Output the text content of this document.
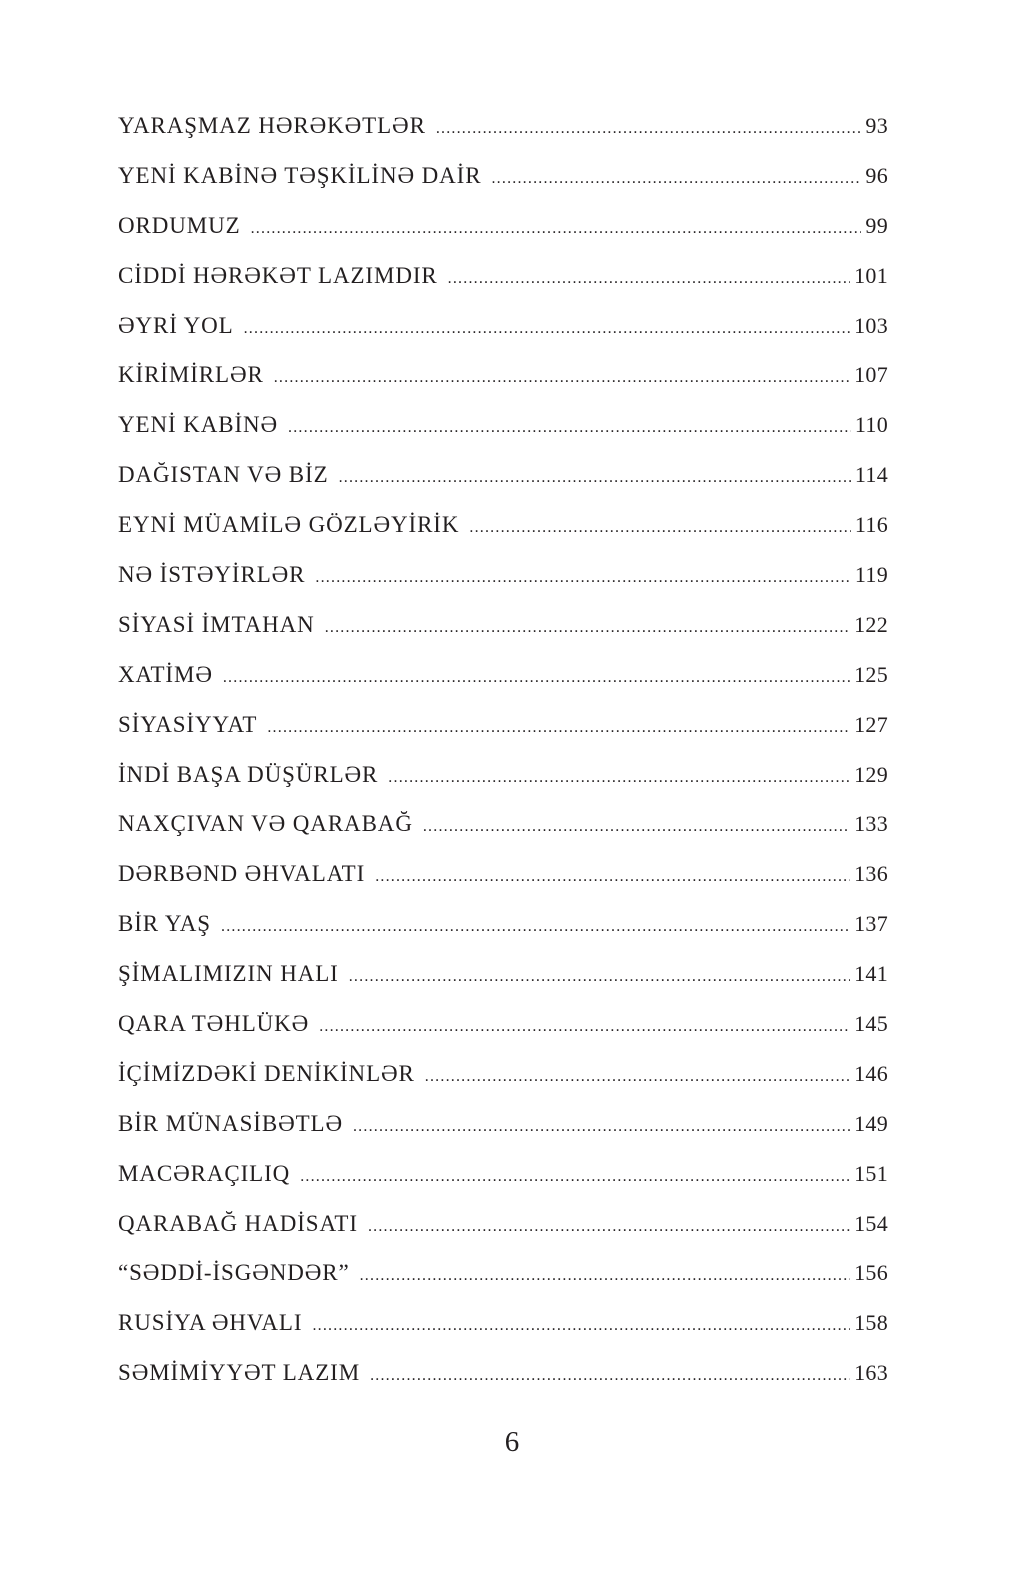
YARAŞMAZ HƏRƏKƏTLƏR .....	93
YENİ KABİNƏ TƏŞKİLİNƏ DAİR .....	96
ORDUMUZ .....	99
CİDDİ HƏRƏKƏT LAZIMDIR .....	101
ƏYRİ YOL .....	103
KİRİMİRLƏR .....	107
YENİ KABİNƏ .....	110
DAĞISTAN VƏ BİZ .....	114
EYNİ MÜAMİLƏ GÖZLƏYİRİK .....	116
NƏ İSTƏYİRLƏR .....	119
SİYASİ İMTAHAN .....	122
XATİMƏ .....	125
SİYASİYYAT .....	127
İNDİ BAŞA DÜŞÜRLƏR .....	129
NAXÇIVAN VƏ QARABAĞ .....	133
DƏRBƏND ƏHVALATI .....	136
BİR YAŞ .....	137
ŞİMALIMIZIN HALI .....	141
QARA TƏHLÜKƏ .....	145
İÇİMİZDƏKİ DENİKİNLƏR .....	146
BİR MÜNASİBƏTLƏ .....	149
MACƏRAÇILIQ .....	151
QARABAĞ HADİSATI .....	154
“SƏDDİ-İSGƏNDƏR” .....	156
RUSİYA ƏHVALI .....	158
SƏMİMİYYƏT LAZIM .....	163
6
